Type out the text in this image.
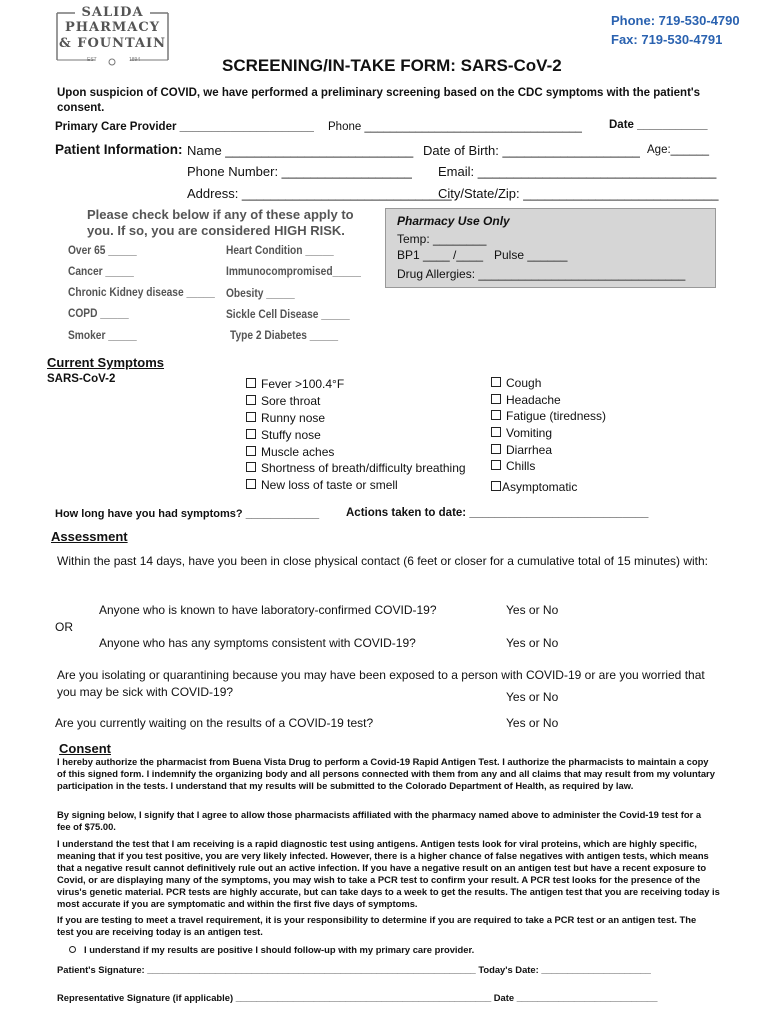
SALIDA
PHARMACY
& FOUNTAIN
EST	1894
Phone: 719-530-4790
Fax: 719-530-4791
SCREENING/IN-TAKE FORM: SARS-CoV-2
Upon suspicion of COVID, we have performed a preliminary screening based on the CDC symptoms with the patient's consent.
Primary Care Provider _____________________ Phone __________________________________ Date ___________
Patient Information: Name __________________________ Date of Birth: ___________________ Age:______
Phone Number: __________________ Email: _________________________________
Address: _____________________________
City/State/Zip: ___________________________
Please check below if any of these apply to
you. If so, you are considered HIGH RISK.
Over 65 _____
Cancer _____
Chronic Kidney disease _____
COPD _____
Smoker _____
Heart Condition _____
Immunocompromised_____
Obesity _____
Sickle Cell Disease _____
Type 2 Diabetes _____
Pharmacy Use Only
Temp: ________
BP1 ____ /____ Pulse ______
Drug Allergies: _______________________________
Current Symptoms
SARS-CoV-2	Fever >100.4°F
Sore throat
Runny nose
Stuffy nose
Muscle aches
Shortness of breath/difficulty breathing
New loss of taste or smell
Cough
Headache
Fatigue (tiredness)
Vomiting
Diarrhea
Chills
Asymptomatic
How long have you had symptoms? ____________ Actions taken to date: ____________________________
Assessment
Within the past 14 days, have you been in close physical contact (6 feet or closer for a cumulative total of 15 minutes) with:
Anyone who is known to have laboratory-confirmed COVID-19?	Yes or No
OR
Anyone who has any symptoms consistent with COVID-19?	Yes or No
Are you isolating or quarantining because you may have been exposed to a person with COVID-19 or are you worried that you may be sick with COVID-19?	Yes or No
Are you currently waiting on the results of a COVID-19 test?	Yes or No
Consent
I hereby authorize the pharmacist from Buena Vista Drug to perform a Covid-19 Rapid Antigen Test. I authorize the pharmacists to maintain a copy of this signed form. I indemnify the organizing body and all persons connected with them from any and all claims that may result from my voluntary participation in the tests. I understand that my results will be submitted to the Colorado Department of Health, as required by law.
By signing below, I signify that I agree to allow those pharmacists affiliated with the pharmacy named above to administer the Covid-19 test for a fee of $75.00.
I understand the test that I am receiving is a rapid diagnostic test using antigens. Antigen tests look for viral proteins, which are highly specific, meaning that if you test positive, you are very likely infected. However, there is a higher chance of false negatives with antigen tests, which means that a negative result cannot definitively rule out an active infection. If you have a negative result on an antigen test but have a recent exposure to Covid, or are displaying many of the symptoms, you may wish to take a PCR test to confirm your result. A PCR test looks for the presence of the virus's genetic material. PCR tests are highly accurate, but can take days to a week to get the results. The antigen test that you are receiving today is most accurate if you are symptomatic and within the first five days of symptoms.
If you are testing to meet a travel requirement, it is your responsibility to determine if you are required to take a PCR test or an antigen test. The test you are receiving today is an antigen test.
I understand if my results are positive I should follow-up with my primary care provider.
Patient's Signature: _______________________________________________________________ Today's Date: _____________________
Representative Signature (if applicable) _________________________________________________ Date ___________________________
